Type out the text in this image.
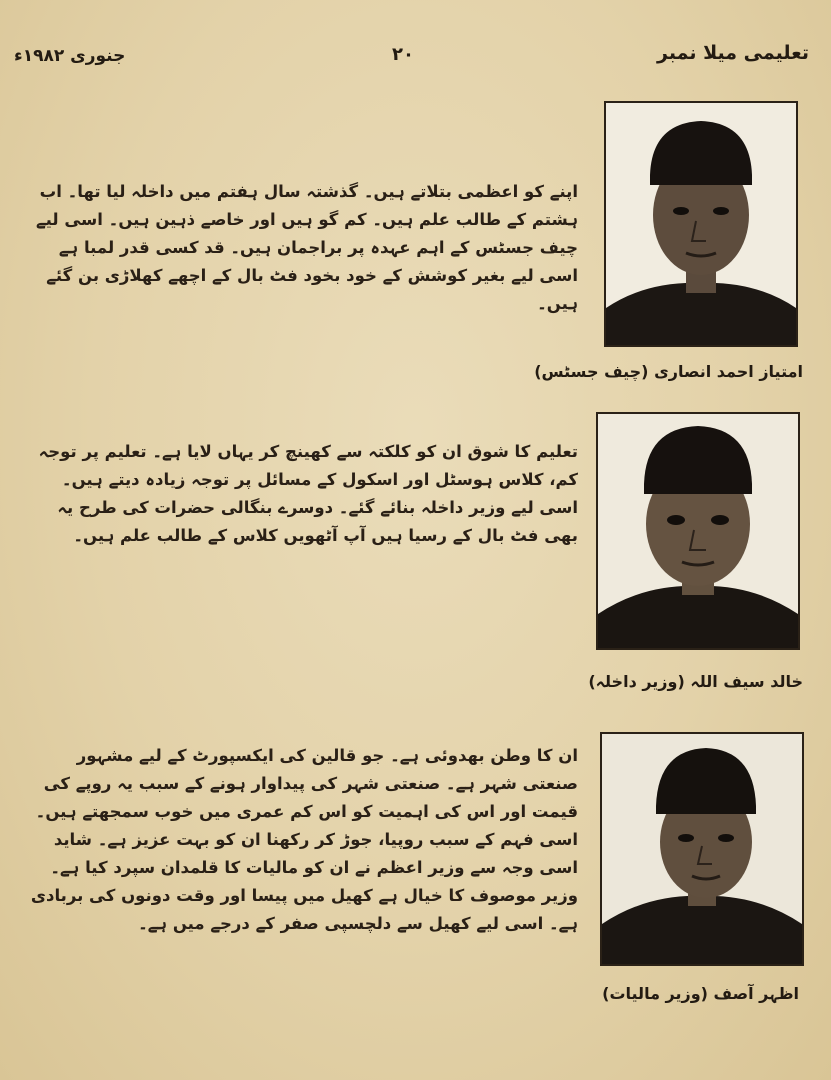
جنوری ۱۹۸۲ء	۲۰	تعلیمی میلا نمبر
اپنے کو اعظمی بتلاتے ہیں۔ گذشتہ سال ہفتم میں داخلہ لیا تھا۔ اب ہشتم کے طالب علم ہیں۔ کم گو ہیں اور خاصے ذہین ہیں۔ اسی لیے چیف جسٹس کے اہم عہدہ پر براجمان ہیں۔ قد کسی قدر لمبا ہے اسی لیے بغیر کوشش کے خود بخود فٹ بال کے اچھے کھلاڑی بن گئے ہیں۔
امتیاز احمد انصاری (چیف جسٹس)
تعلیم کا شوق ان کو کلکتہ سے کھینچ کر یہاں لایا ہے۔ تعلیم پر توجہ کم، کلاس ہوسٹل اور اسکول کے مسائل پر توجہ زیادہ دیتے ہیں۔ اسی لیے وزیر داخلہ بنائے گئے۔ دوسرے بنگالی حضرات کی طرح یہ بھی فٹ بال کے رسیا ہیں آپ آٹھویں کلاس کے طالب علم ہیں۔
خالد سیف اللہ (وزیر داخلہ)
ان کا وطن بھدوئی ہے۔ جو قالین کی ایکسپورٹ کے لیے مشہور صنعتی شہر ہے۔ صنعتی شہر کی پیداوار ہونے کے سبب یہ روپے کی قیمت اور اس کی اہمیت کو اس کم عمری میں خوب سمجھتے ہیں۔ اسی فہم کے سبب روپیا، جوڑ کر رکھنا ان کو بہت عزیز ہے۔ شاید اسی وجہ سے وزیر اعظم نے ان کو مالیات کا قلمدان سپرد کیا ہے۔ وزیر موصوف کا خیال ہے کھیل میں پیسا اور وقت دونوں کی بربادی ہے۔ اسی لیے کھیل سے دلچسپی صفر کے درجے میں ہے۔
اظہر آصف (وزیر مالیات)
